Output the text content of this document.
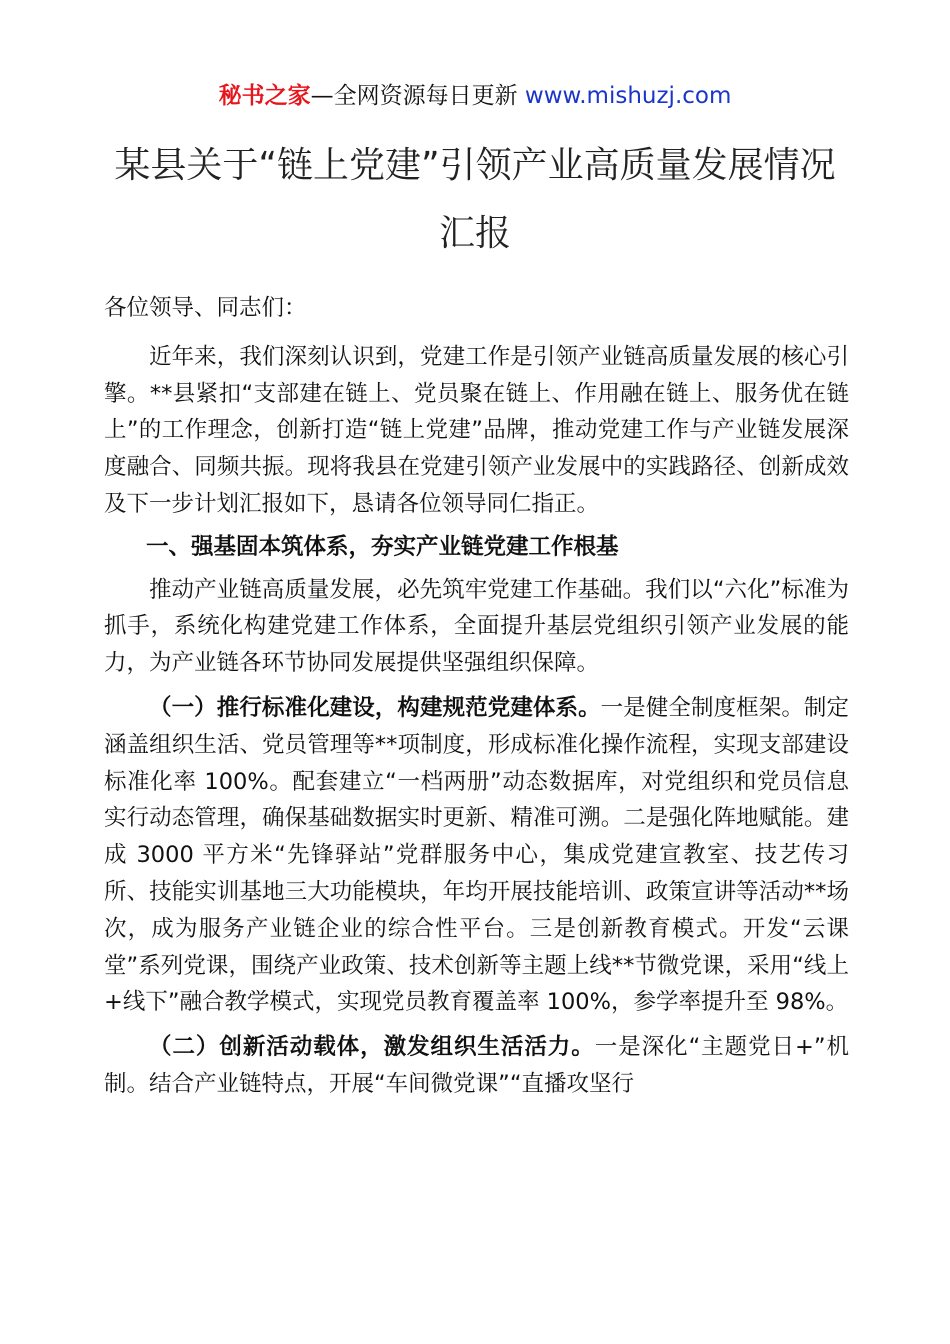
秘书之家—全网资源每日更新 www.mishuzj.com
某县关于“链上党建”引领产业高质量发展情况汇报

各位领导、同志们：

近年来，我们深刻认识到，党建工作是引领产业链高质量发展的核心引擎。**县紧扣“支部建在链上、党员聚在链上、作用融在链上、服务优在链上”的工作理念，创新打造“链上党建”品牌，推动党建工作与产业链发展深度融合、同频共振。现将我县在党建引领产业发展中的实践路径、创新成效及下一步计划汇报如下，恳请各位领导同仁指正。

一、强基固本筑体系，夯实产业链党建工作根基

推动产业链高质量发展，必先筑牢党建工作基础。我们以“六化”标准为抓手，系统化构建党建工作体系，全面提升基层党组织引领产业发展的能力，为产业链各环节协同发展提供坚强组织保障。

（一）推行标准化建设，构建规范党建体系。一是健全制度框架。制定涵盖组织生活、党员管理等**项制度，形成标准化操作流程，实现支部建设标准化率 100%。配套建立“一档两册”动态数据库，对党组织和党员信息实行动态管理，确保基础数据实时更新、精准可溯。二是强化阵地赋能。建成 3000 平方米“先锋驿站”党群服务中心，集成党建宣教室、技艺传习所、技能实训基地三大功能模块，年均开展技能培训、政策宣讲等活动**场次，成为服务产业链企业的综合性平台。三是创新教育模式。开发“云课堂”系列党课，围绕产业政策、技术创新等主题上线**节微党课，采用“线上+线下”融合教学模式，实现党员教育覆盖率 100%，参学率提升至 98%。

（二）创新活动载体，激发组织生活活力。一是深化“主题党日+”机制。结合产业链特点，开展“车间微党课”“直播攻坚行
